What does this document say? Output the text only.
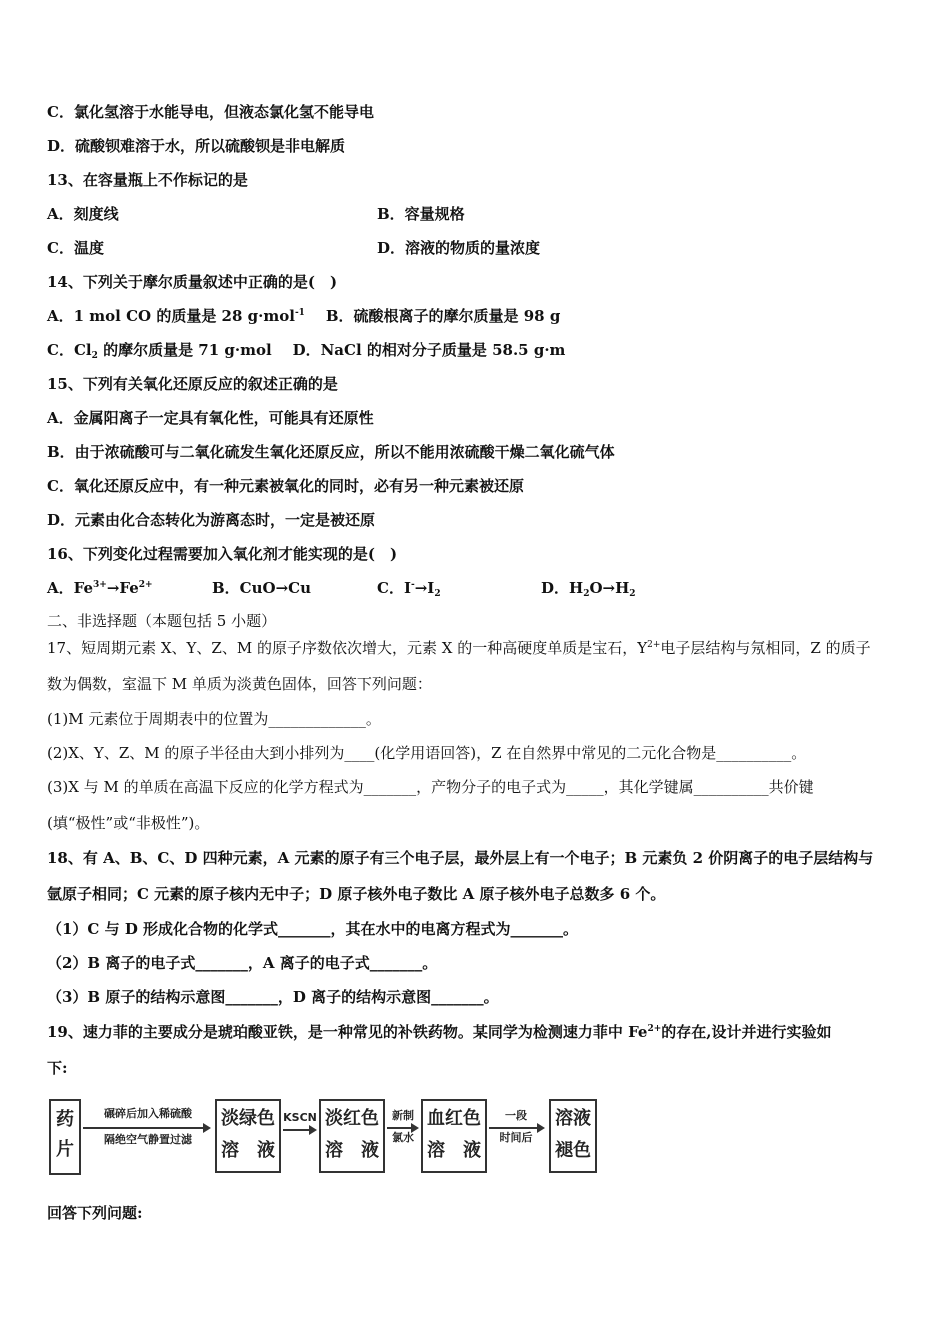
C．氯化氢溶于水能导电，但液态氯化氢不能导电
D．硫酸钡难溶于水，所以硫酸钡是非电解质
13、在容量瓶上不作标记的是
A．刻度线	B．容量规格
C．温度	D．溶液的物质的量浓度
14、下列关于摩尔质量叙述中正确的是(　)
A．1 mol CO 的质量是 28 g·mol$^{-1}$ B．硫酸根离子的摩尔质量是 98 g
C．$Cl_2$ 的摩尔质量是 71 g·mol D．NaCl 的相对分子质量是 58.5 g·m
15、下列有关氧化还原反应的叙述正确的是
A．金属阳离子一定具有氧化性，可能具有还原性
B．由于浓硫酸可与二氧化硫发生氧化还原反应，所以不能用浓硫酸干燥二氧化硫气体
C．氧化还原反应中，有一种元素被氧化的同时，必有另一种元素被还原
D．元素由化合态转化为游离态时，一定是被还原
16、下列变化过程需要加入氧化剂才能实现的是(　)
A．$Fe^{3+}\to Fe^{2+}$	B．CuO→Cu	C．$I^-\to I_2$	D．$H_2O\to H_2$
二、非选择题（本题包括 5 小题）
17、短周期元素 X、Y、Z、M 的原子序数依次增大，元素 X 的一种高硬度单质是宝石，$Y^{2+}$电子层结构与氖相同，Z 的质子
数为偶数，室温下 M 单质为淡黄色固体，回答下列问题：
(1)M 元素位于周期表中的位置为_____________。
(2)X、Y、Z、M 的原子半径由大到小排列为____(化学用语回答)，Z 在自然界中常见的二元化合物是__________。
(3)X 与 M 的单质在高温下反应的化学方程式为_______，产物分子的电子式为_____，其化学键属__________共价键
(填“极性”或“非极性”)。
18、有 A、B、C、D 四种元素，A 元素的原子有三个电子层，最外层上有一个电子；B 元素负 2 价阴离子的电子层结构与
氩原子相同；C 元素的原子核内无中子；D 原子核外电子数比 A 原子核外电子总数多 6 个。
（1）C 与 D 形成化合物的化学式_______，其在水中的电离方程式为_______。
（2）B 离子的电子式_______，A 离子的电子式_______。
（3）B 原子的结构示意图_______，D 离子的结构示意图_______。
19、速力菲的主要成分是琥珀酸亚铁，是一种常见的补铁药物。某同学为检测速力菲中 $Fe^{2+}$的存在,设计并进行实验如
下:
药
片
碾碎后加入稀硫酸
隔绝空气静置过滤
淡绿色
溶　液
KSCN 淡红色
溶　液
新制
氯水
血红色
溶　液
一段
时间后
溶液
褪色
回答下列问题:
